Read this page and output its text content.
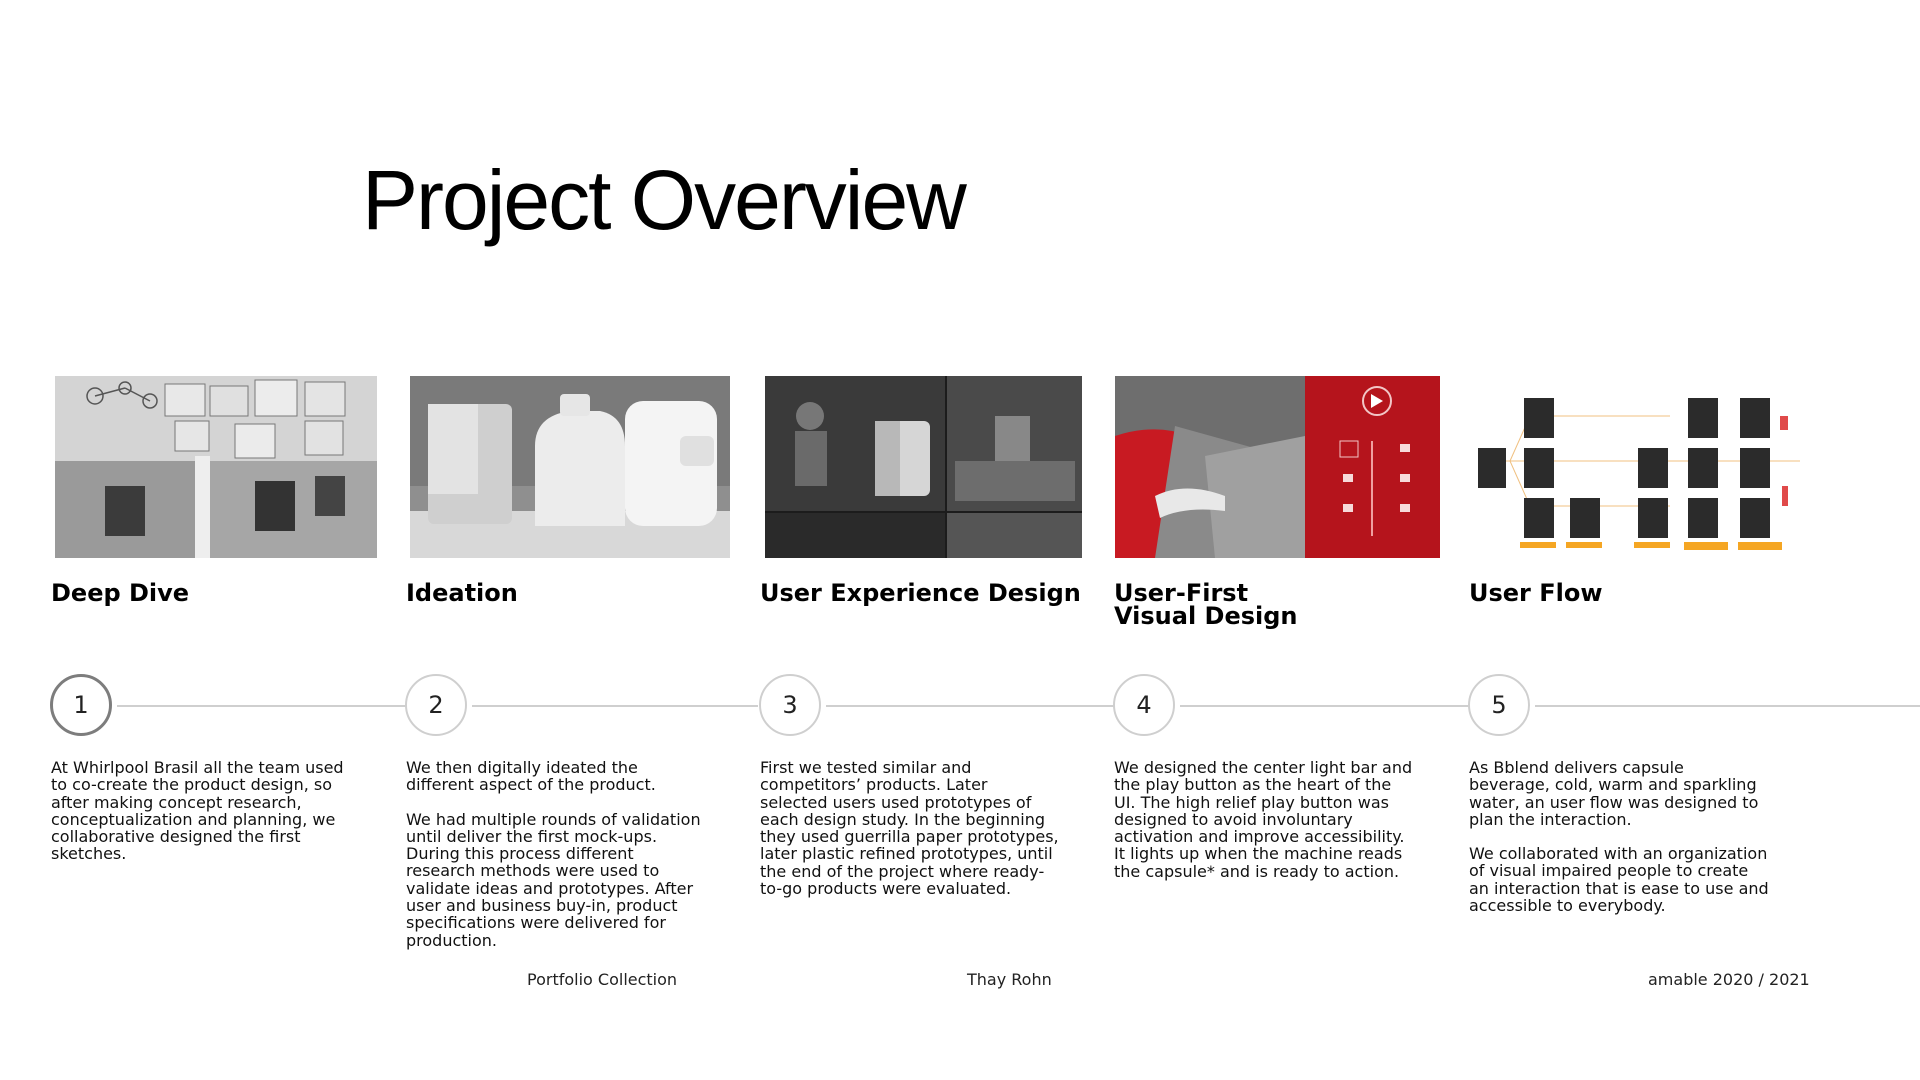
Project Overview
Deep Dive
1

At Whirlpool Brasil all the team used to co-create the product design, so after making concept research, conceptualization and planning, we collaborative designed the first sketches.

Ideation
2

We then digitally ideated the different aspect of the product.

We had multiple rounds of validation until deliver the first mock-ups. During this process different research methods were used to validate ideas and prototypes. After user and business buy-in, product specifications were delivered for production.

User Experience Design
3

First we tested similar and competitors’ products. Later selected users used prototypes of each design study. In the beginning they used guerrilla paper prototypes, later plastic refined prototypes, until the end of the project where ready-to-go products were evaluated.

User-First
Visual Design
4

We designed the center light bar and the play button as the heart of the UI. The high relief play button was designed to avoid involuntary activation and improve accessibility. It lights up when the machine reads the capsule* and is ready to action.

User Flow
5

As Bblend delivers capsule beverage, cold, warm and sparkling water, an user flow was designed to plan the interaction.

We collaborated with an organization of visual impaired people to create an interaction that is ease to use and accessible to everybody.

Portfolio Collection	Thay Rohn	amable 2020 / 2021
